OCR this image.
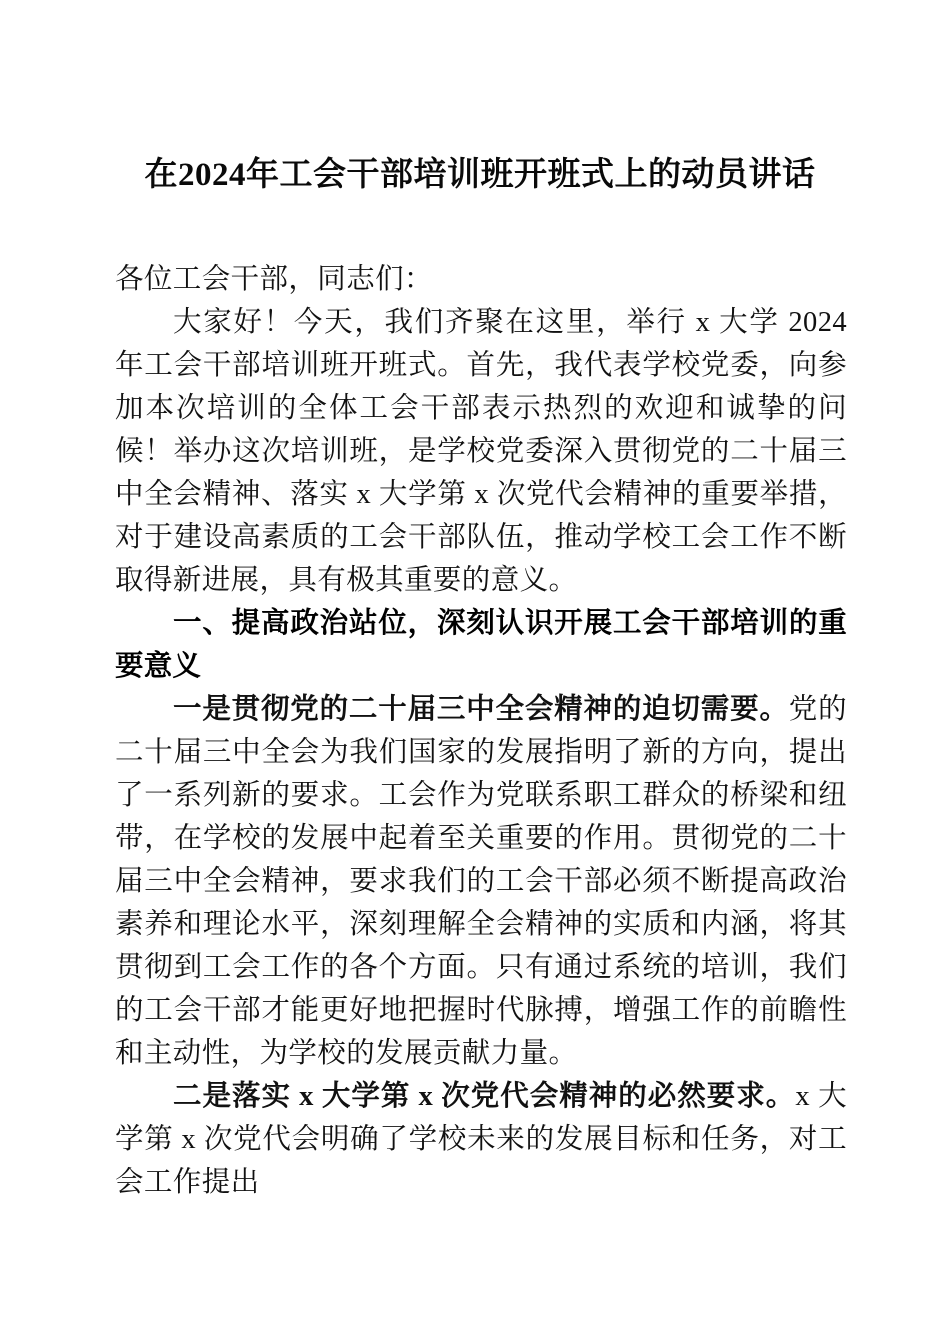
在2024年工会干部培训班开班式上的动员讲话

各位工会干部，同志们：

大家好！今天，我们齐聚在这里，举行 x 大学 2024 年工会干部培训班开班式。首先，我代表学校党委，向参加本次培训的全体工会干部表示热烈的欢迎和诚挚的问候！举办这次培训班，是学校党委深入贯彻党的二十届三中全会精神、落实 x 大学第 x 次党代会精神的重要举措，对于建设高素质的工会干部队伍，推动学校工会工作不断取得新进展，具有极其重要的意义。

一、提高政治站位，深刻认识开展工会干部培训的重要意义

一是贯彻党的二十届三中全会精神的迫切需要。党的二十届三中全会为我们国家的发展指明了新的方向，提出了一系列新的要求。工会作为党联系职工群众的桥梁和纽带，在学校的发展中起着至关重要的作用。贯彻党的二十届三中全会精神，要求我们的工会干部必须不断提高政治素养和理论水平，深刻理解全会精神的实质和内涵，将其贯彻到工会工作的各个方面。只有通过系统的培训，我们的工会干部才能更好地把握时代脉搏，增强工作的前瞻性和主动性，为学校的发展贡献力量。

二是落实 x 大学第 x 次党代会精神的必然要求。x 大学第 x 次党代会明确了学校未来的发展目标和任务，对工会工作提出
